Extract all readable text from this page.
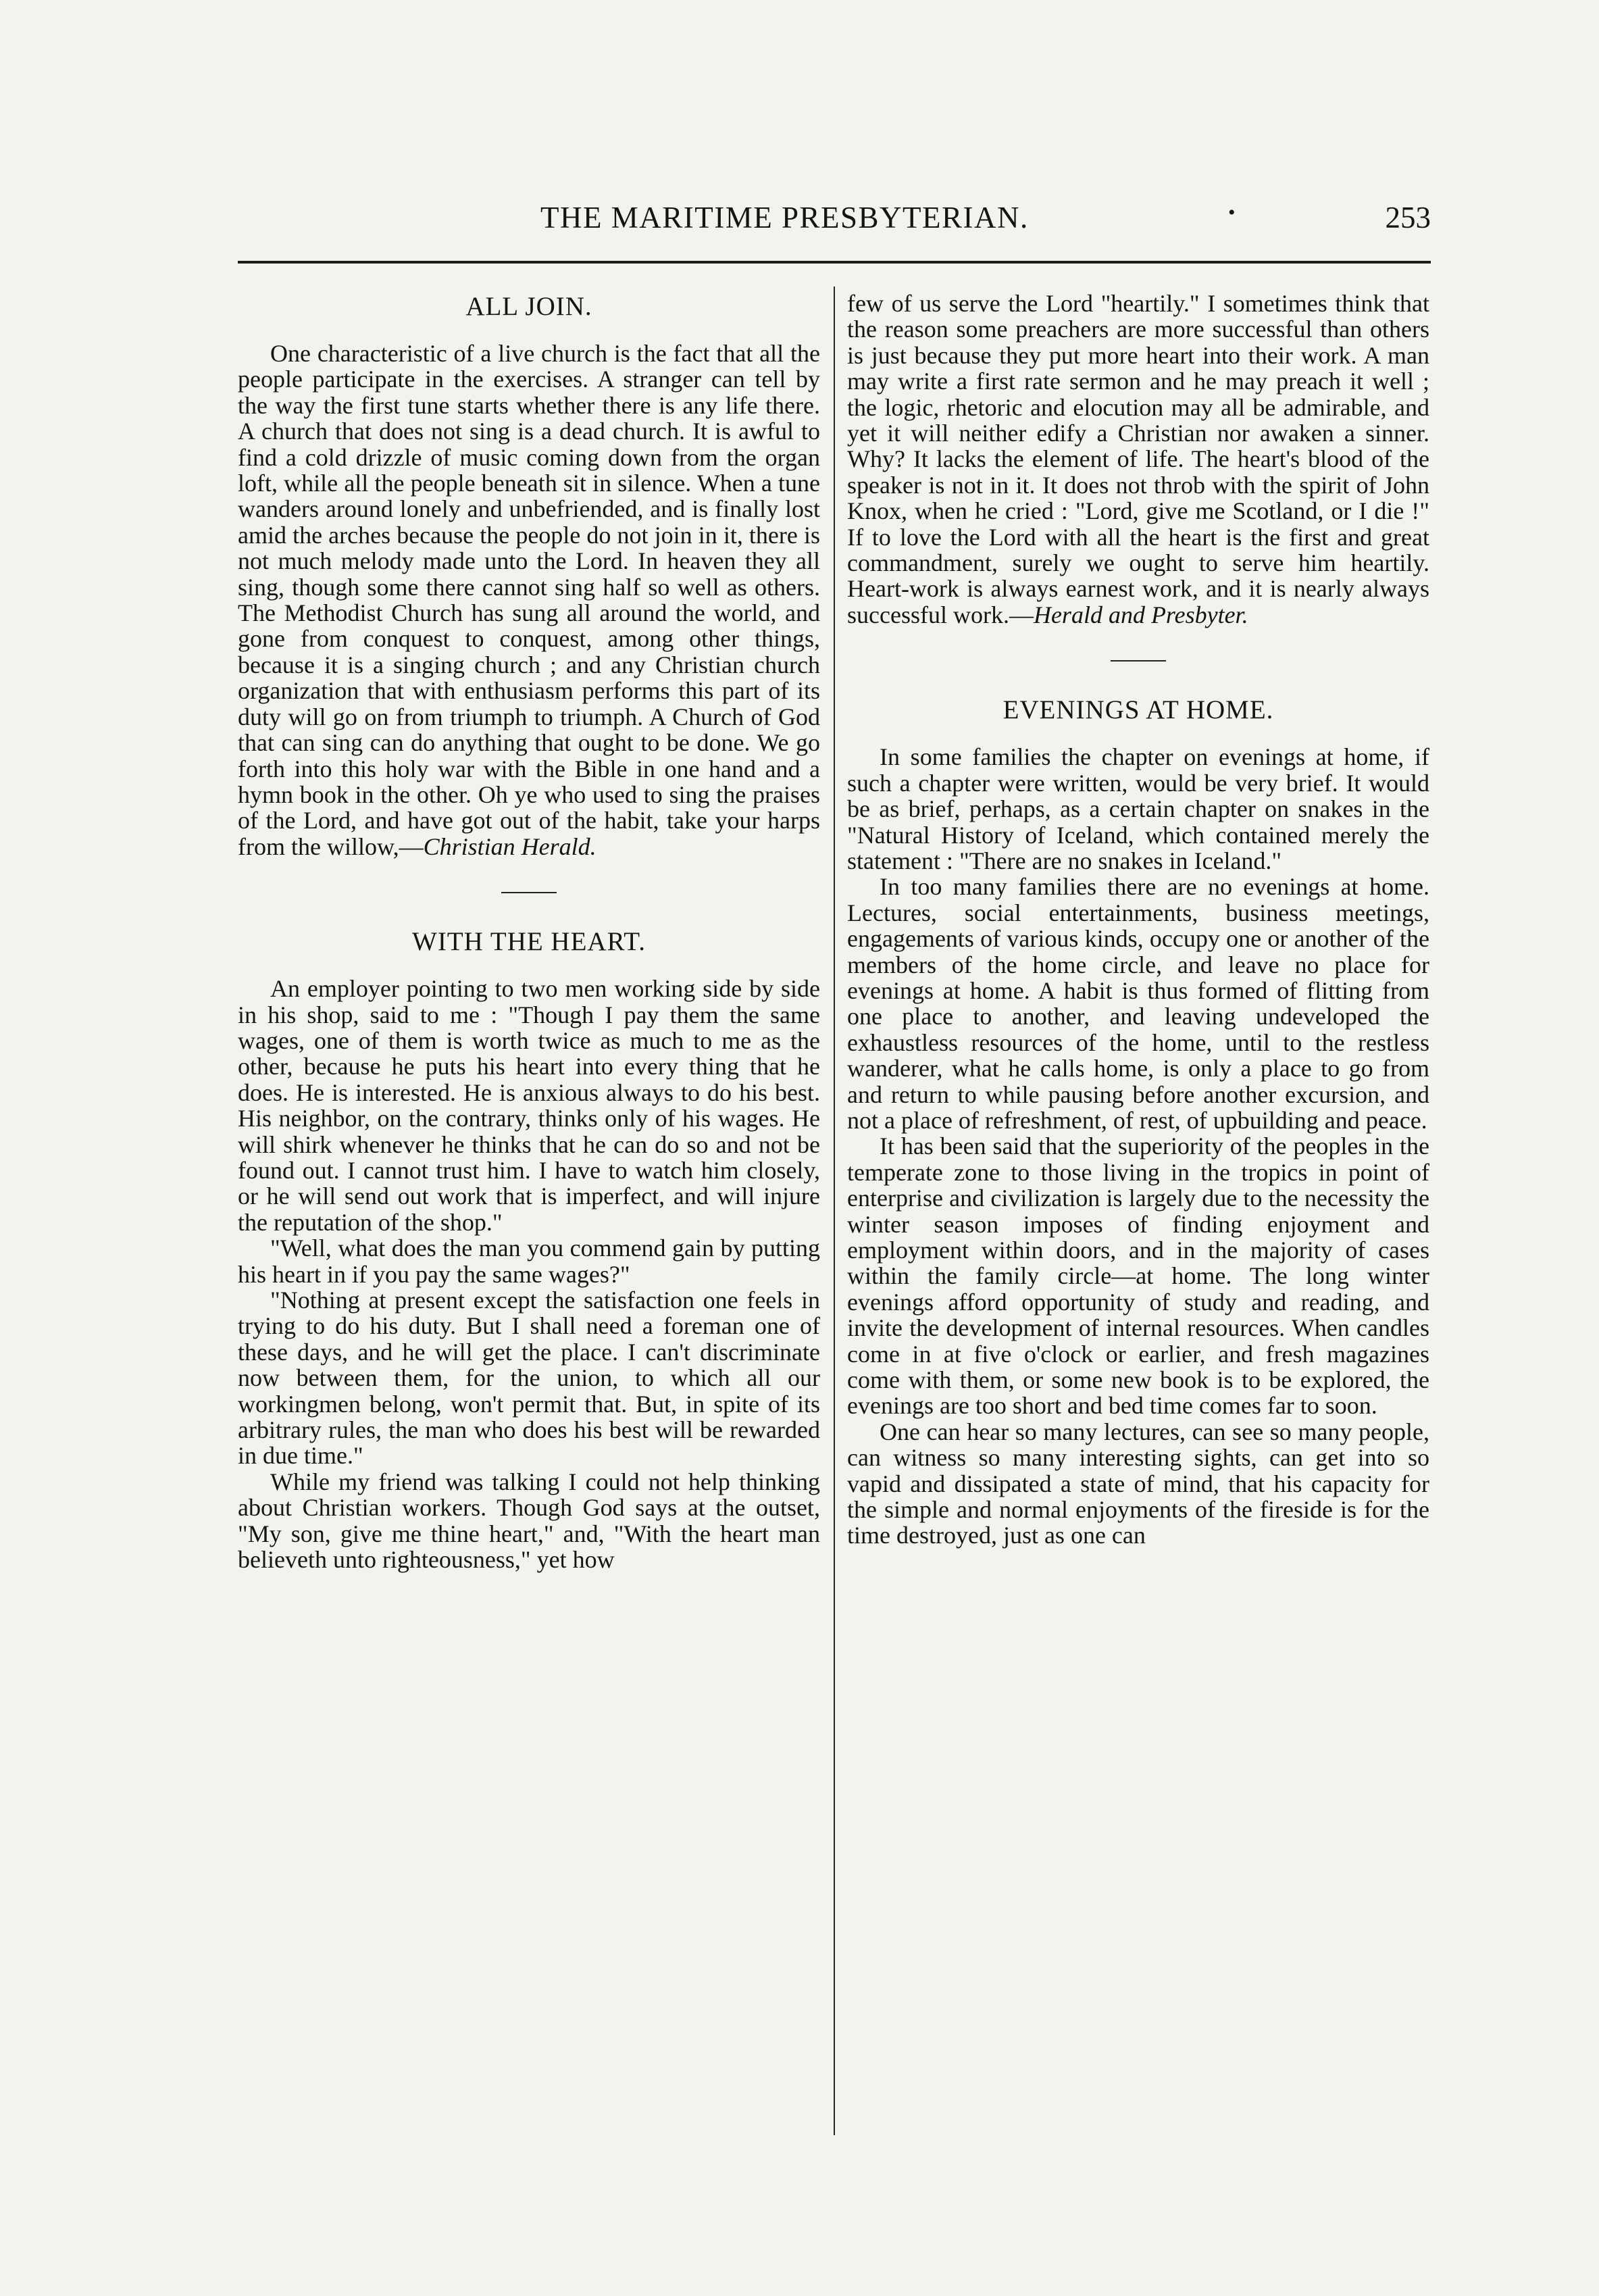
THE MARITIME PRESBYTERIAN.	•	253
ALL JOIN.

One characteristic of a live church is the fact that all the people participate in the exercises. A stranger can tell by the way the first tune starts whether there is any life there. A church that does not sing is a dead church. It is awful to find a cold drizzle of music coming down from the organ loft, while all the people beneath sit in silence. When a tune wanders around lonely and unbefriended, and is finally lost amid the arches because the people do not join in it, there is not much melody made unto the Lord. In heaven they all sing, though some there cannot sing half so well as others. The Methodist Church has sung all around the world, and gone from conquest to conquest, among other things, because it is a singing church ; and any Christian church organization that with enthusiasm performs this part of its duty will go on from triumph to triumph. A Church of God that can sing can do anything that ought to be done. We go forth into this holy war with the Bible in one hand and a hymn book in the other. Oh ye who used to sing the praises of the Lord, and have got out of the habit, take your harps from the willow,—Christian Herald.

WITH THE HEART.

An employer pointing to two men working side by side in his shop, said to me : "Though I pay them the same wages, one of them is worth twice as much to me as the other, because he puts his heart into every thing that he does. He is interested. He is anxious always to do his best. His neighbor, on the contrary, thinks only of his wages. He will shirk whenever he thinks that he can do so and not be found out. I cannot trust him. I have to watch him closely, or he will send out work that is imperfect, and will injure the reputation of the shop."

"Well, what does the man you commend gain by putting his heart in if you pay the same wages?"

"Nothing at present except the satisfaction one feels in trying to do his duty. But I shall need a foreman one of these days, and he will get the place. I can't discriminate now between them, for the union, to which all our workingmen belong, won't permit that. But, in spite of its arbitrary rules, the man who does his best will be rewarded in due time."

While my friend was talking I could not help thinking about Christian workers. Though God says at the outset, "My son, give me thine heart," and, "With the heart man believeth unto righteousness," yet how

few of us serve the Lord "heartily." I sometimes think that the reason some preachers are more successful than others is just because they put more heart into their work. A man may write a first rate sermon and he may preach it well ; the logic, rhetoric and elocution may all be admirable, and yet it will neither edify a Christian nor awaken a sinner. Why? It lacks the element of life. The heart's blood of the speaker is not in it. It does not throb with the spirit of John Knox, when he cried : "Lord, give me Scotland, or I die !" If to love the Lord with all the heart is the first and great commandment, surely we ought to serve him heartily. Heart-work is always earnest work, and it is nearly always successful work.—Herald and Presbyter.

EVENINGS AT HOME.

In some families the chapter on evenings at home, if such a chapter were written, would be very brief. It would be as brief, perhaps, as a certain chapter on snakes in the "Natural History of Iceland, which contained merely the statement : "There are no snakes in Iceland."

In too many families there are no evenings at home. Lectures, social entertainments, business meetings, engagements of various kinds, occupy one or another of the members of the home circle, and leave no place for evenings at home. A habit is thus formed of flitting from one place to another, and leaving undeveloped the exhaustless resources of the home, until to the restless wanderer, what he calls home, is only a place to go from and return to while pausing before another excursion, and not a place of refreshment, of rest, of upbuilding and peace.

It has been said that the superiority of the peoples in the temperate zone to those living in the tropics in point of enterprise and civilization is largely due to the necessity the winter season imposes of finding enjoyment and employment within doors, and in the majority of cases within the family circle—at home. The long winter evenings afford opportunity of study and reading, and invite the development of internal resources. When candles come in at five o'clock or earlier, and fresh magazines come with them, or some new book is to be explored, the evenings are too short and bed time comes far to soon.

One can hear so many lectures, can see so many people, can witness so many interesting sights, can get into so vapid and dissipated a state of mind, that his capacity for the simple and normal enjoyments of the fireside is for the time destroyed, just as one can
